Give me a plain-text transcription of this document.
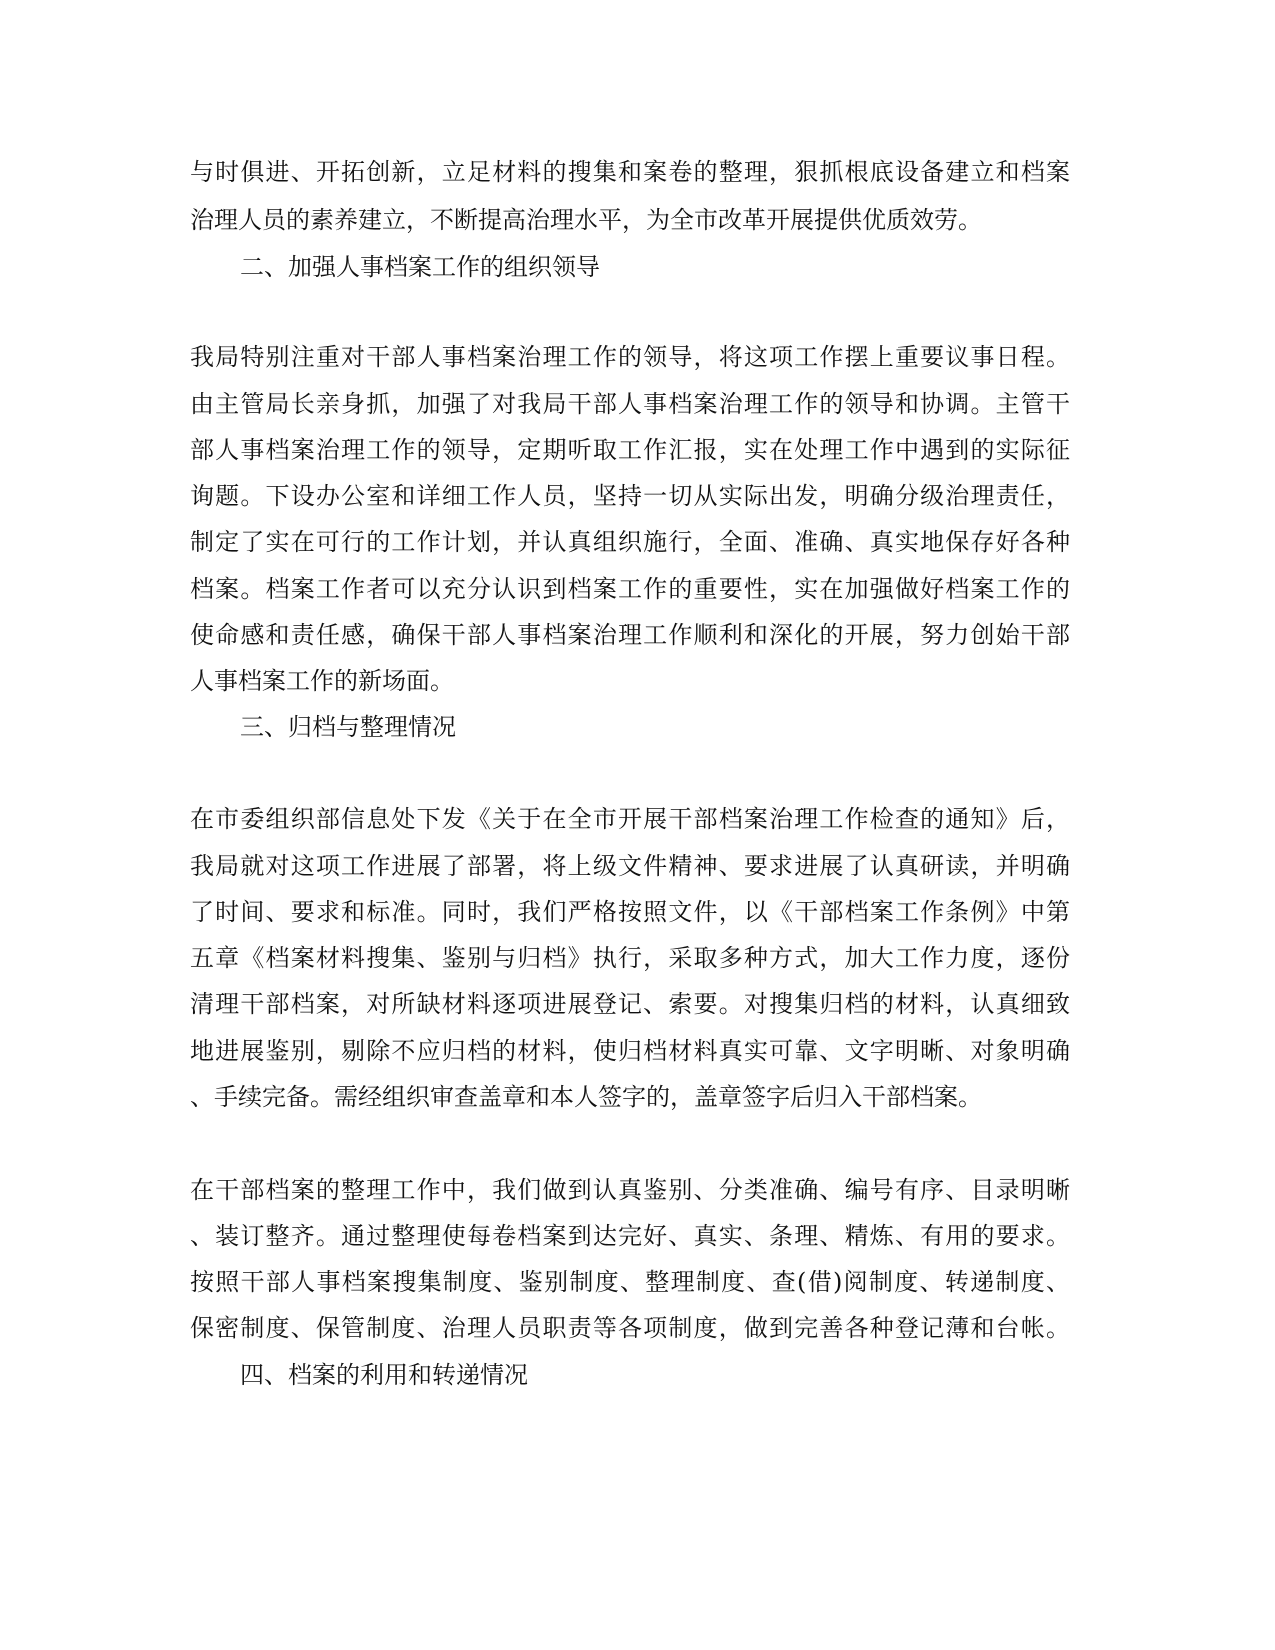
与时俱进、开拓创新，立足材料的搜集和案卷的整理，狠抓根底设备建立和档案
治理人员的素养建立，不断提高治理水平，为全市改革开展提供优质效劳。
二、加强人事档案工作的组织领导
我局特别注重对干部人事档案治理工作的领导，将这项工作摆上重要议事日程。
由主管局长亲身抓，加强了对我局干部人事档案治理工作的领导和协调。主管干
部人事档案治理工作的领导，定期听取工作汇报，实在处理工作中遇到的实际征
询题。下设办公室和详细工作人员，坚持一切从实际出发，明确分级治理责任，
制定了实在可行的工作计划，并认真组织施行，全面、准确、真实地保存好各种
档案。档案工作者可以充分认识到档案工作的重要性，实在加强做好档案工作的
使命感和责任感，确保干部人事档案治理工作顺利和深化的开展，努力创始干部
人事档案工作的新场面。
三、归档与整理情况
在市委组织部信息处下发《关于在全市开展干部档案治理工作检查的通知》后，
我局就对这项工作进展了部署，将上级文件精神、要求进展了认真研读，并明确
了时间、要求和标准。同时，我们严格按照文件，以《干部档案工作条例》中第
五章《档案材料搜集、鉴别与归档》执行，采取多种方式，加大工作力度，逐份
清理干部档案，对所缺材料逐项进展登记、索要。对搜集归档的材料，认真细致
地进展鉴别，剔除不应归档的材料，使归档材料真实可靠、文字明晰、对象明确
、手续完备。需经组织审查盖章和本人签字的，盖章签字后归入干部档案。
在干部档案的整理工作中，我们做到认真鉴别、分类准确、编号有序、目录明晰
、装订整齐。通过整理使每卷档案到达完好、真实、条理、精炼、有用的要求。
按照干部人事档案搜集制度、鉴别制度、整理制度、查(借)阅制度、转递制度、
保密制度、保管制度、治理人员职责等各项制度，做到完善各种登记薄和台帐。
四、档案的利用和转递情况
